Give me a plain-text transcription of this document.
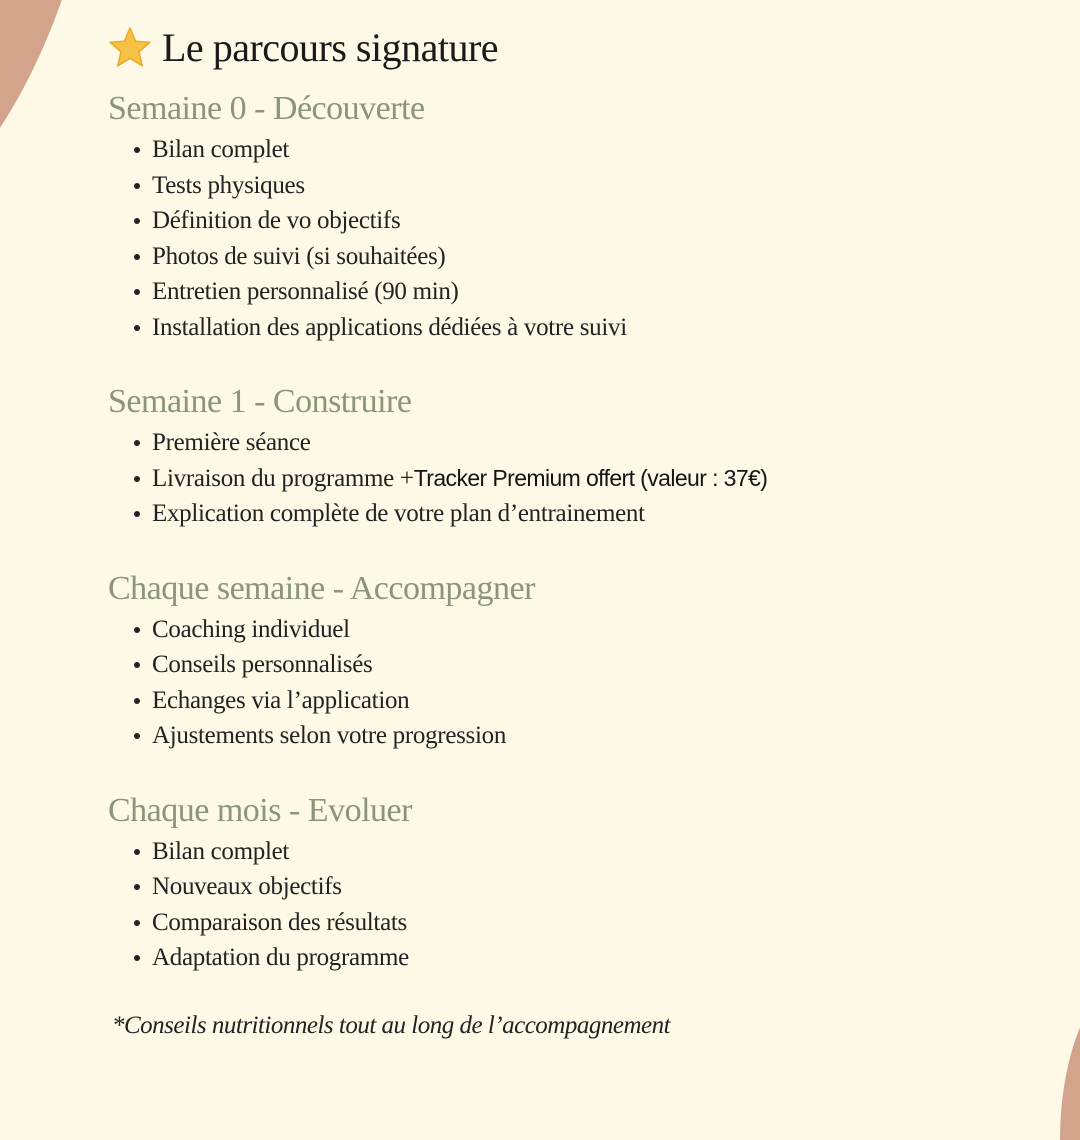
Le parcours signature
Semaine 0 - Découverte
Bilan complet
Tests physiques
Définition de vo objectifs
Photos de suivi (si souhaitées)
Entretien personnalisé (90 min)
Installation des applications dédiées à votre suivi
Semaine 1 - Construire
Première séance
Livraison du programme +Tracker Premium offert (valeur : 37€)
Explication complète de votre plan d’entrainement
Chaque semaine - Accompagner
Coaching individuel
Conseils personnalisés
Echanges via l’application
Ajustements selon votre progression
Chaque mois - Evoluer
Bilan complet
Nouveaux objectifs
Comparaison des résultats
Adaptation du programme
*Conseils nutritionnels tout au long de l’accompagnement
